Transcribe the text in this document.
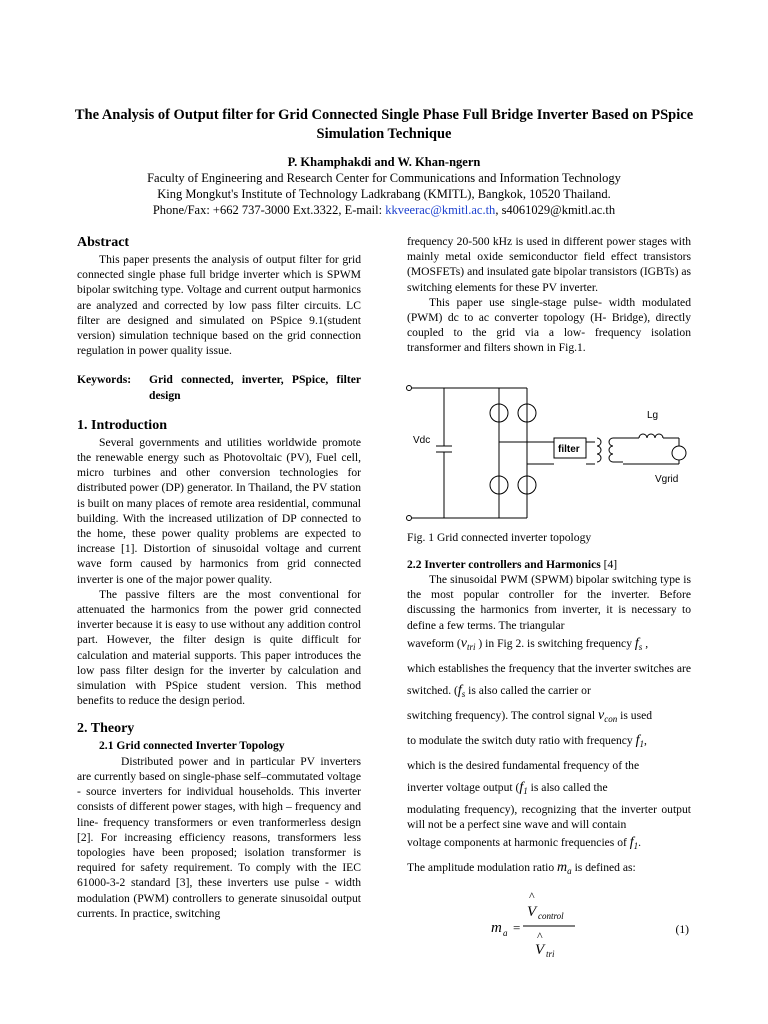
The Analysis of Output filter for Grid Connected Single Phase Full Bridge Inverter Based on PSpice Simulation Technique
P. Khamphakdi and W. Khan-ngern
Faculty of Engineering and Research Center for Communications and Information Technology
King Mongkut's Institute of Technology Ladkrabang (KMITL), Bangkok, 10520 Thailand.
Phone/Fax: +662 737-3000 Ext.3322, E-mail: kkveerac@kmitl.ac.th, s4061029@kmitl.ac.th
Abstract

This paper presents the analysis of output filter for grid connected single phase full bridge inverter which is SPWM bipolar switching type. Voltage and current output harmonics are analyzed and corrected by low pass filter circuits. LC filter are designed and simulated on PSpice 9.1(student version) simulation technique based on the grid connection regulation in power quality issue.

Keywords:	Grid connected, inverter, PSpice, filter design
1. Introduction

Several governments and utilities worldwide promote the renewable energy such as Photovoltaic (PV), Fuel cell, micro turbines and other conversion technologies for distributed power (DP) generator. In Thailand, the PV station is built on many places of remote area residential, communal building. With the increased utilization of DP connected to the home, these power quality problems are expected to increase [1]. Distortion of sinusoidal voltage and current wave form caused by harmonics from grid connected inverter is one of the major power quality.

The passive filters are the most conventional for attenuated the harmonics from the power grid connected inverter because it is easy to use without any addition control part. However, the filter design is quite difficult for calculation and material supports. This paper introduces the low pass filter design for the inverter by calculation and simulation with PSpice student version. This method benefits to reduce the design period.

2. Theory
2.1 Grid connected Inverter Topology

Distributed power and in particular PV inverters are currently based on single-phase self–commutated voltage - source inverters for individual households. This inverter consists of different power stages, with high – frequency and line- frequency transformers or even tranformerless design [2]. For increasing efficiency reasons, transformers less topologies have been proposed; isolation transformer is required for safety requirement. To comply with the IEC 61000-3-2 standard [3], these inverters use pulse - width modulation (PWM) controllers to generate sinusoidal output currents. In practice, switching

frequency 20-500 kHz is used in different power stages with mainly metal oxide semiconductor field effect transistors (MOSFETs) and insulated gate bipolar transistors (IGBTs) as switching elements for these PV inverter.

This paper use single-stage pulse- width modulated (PWM) dc to ac converter topology (H- Bridge), directly coupled to the grid via a low- frequency isolation transformer and filters shown in Fig.1.

Vdc
filter
Lg
Vgrid

Fig. 1 Grid connected inverter topology

2.2 Inverter controllers and Harmonics [4]

The sinusoidal PWM (SPWM) bipolar switching type is the most popular controller for the inverter. Before discussing the harmonics from inverter, it is necessary to define a few terms. The triangular

waveform ($v_{tri}$ ) in Fig 2. is switching frequency $f_s$ ,

which establishes the frequency that the inverter switches are switched. ($f_s$ is also called the carrier or

switching frequency). The control signal $v_{con}$ is used

to modulate the switch duty ratio with frequency $f_1$,

which is the desired fundamental frequency of the

inverter voltage output ($f_1$ is also called the

modulating frequency), recognizing that the inverter output will not be a perfect sine wave and will contain

voltage components at harmonic frequencies of $f_1$.

The amplitude modulation ratio $m_a$ is defined as:

m a =
^
V control
^
V tri
(1)
